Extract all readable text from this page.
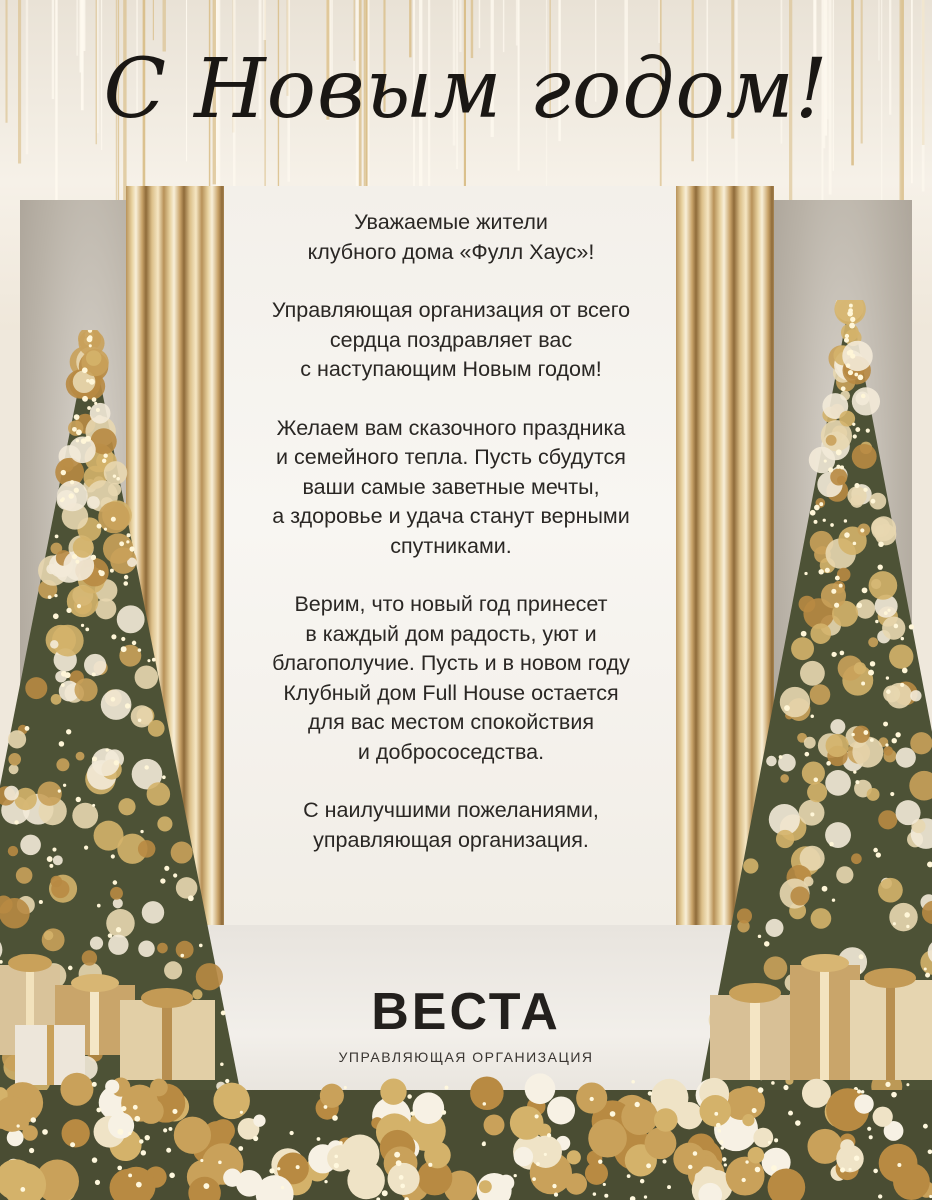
С Новым годом!

Уважаемые жители
клубного дома «Фулл Хаус»!

Управляющая организация от всего
сердца поздравляет вас
с наступающим Новым годом!

Желаем вам сказочного праздника
и семейного тепла. Пусть сбудутся
ваши самые заветные мечты,
а здоровье и удача станут верными
спутниками.

Верим, что новый год принесет
в каждый дом радость, уют и
благополучие. Пусть и в новом году
Клубный дом Full House остается
для вас местом спокойствия
и добрососедства.

С наилучшими пожеланиями,
управляющая организация.

ВЕСТА
УПРАВЛЯЮЩАЯ ОРГАНИЗАЦИЯ
